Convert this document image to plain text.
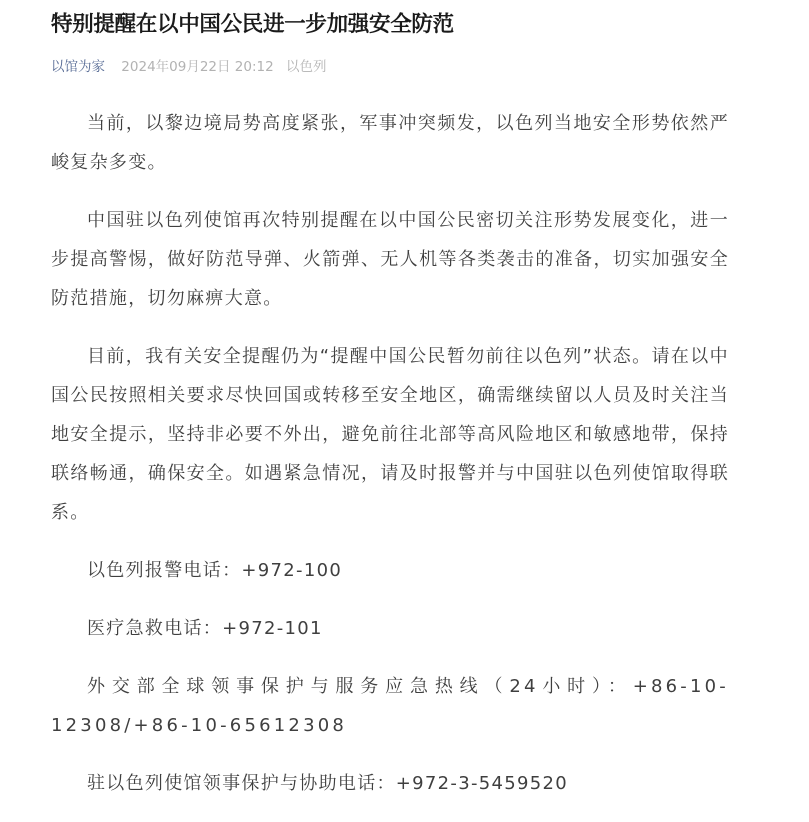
特别提醒在以中国公民进一步加强安全防范
以馆为家 2024年09月22日 20:12 以色列

当前，以黎边境局势高度紧张，军事冲突频发，以色列当地安全形势依然严峻复杂多变。

中国驻以色列使馆再次特别提醒在以中国公民密切关注形势发展变化，进一步提高警惕，做好防范导弹、火箭弹、无人机等各类袭击的准备，切实加强安全防范措施，切勿麻痹大意。

目前，我有关安全提醒仍为“提醒中国公民暂勿前往以色列”状态。请在以中国公民按照相关要求尽快回国或转移至安全地区，确需继续留以人员及时关注当地安全提示，坚持非必要不外出，避免前往北部等高风险地区和敏感地带，保持联络畅通，确保安全。如遇紧急情况，请及时报警并与中国驻以色列使馆取得联系。

以色列报警电话：+972-100

医疗急救电话：+972-101

外交部全球领事保护与服务应急热线（24小时）：+86-10-12308/+86-10-65612308

驻以色列使馆领事保护与协助电话：+972-3-5459520
